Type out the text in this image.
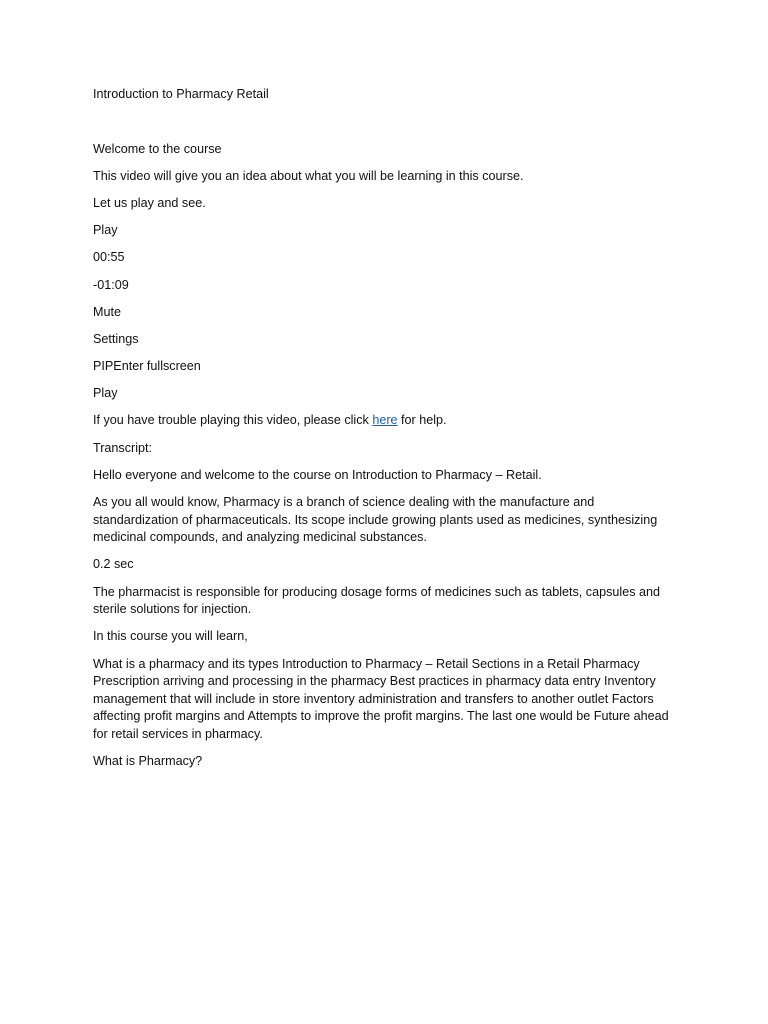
Introduction to Pharmacy Retail

Welcome to the course

This video will give you an idea about what you will be learning in this course.

Let us play and see.

Play

00:55

-01:09

Mute

Settings

PIPEnter fullscreen

Play

If you have trouble playing this video, please click here for help.

Transcript:

Hello everyone and welcome to the course on Introduction to Pharmacy – Retail.

As you all would know, Pharmacy is a branch of science dealing with the manufacture and standardization of pharmaceuticals. Its scope include growing plants used as medicines, synthesizing medicinal compounds, and analyzing medicinal substances.

0.2 sec

The pharmacist is responsible for producing dosage forms of medicines such as tablets, capsules and sterile solutions for injection.

In this course you will learn,

What is a pharmacy and its types Introduction to Pharmacy – Retail Sections in a Retail Pharmacy Prescription arriving and processing in the pharmacy Best practices in pharmacy data entry Inventory management that will include in store inventory administration and transfers to another outlet Factors affecting profit margins and Attempts to improve the profit margins. The last one would be Future ahead for retail services in pharmacy.

What is Pharmacy?
